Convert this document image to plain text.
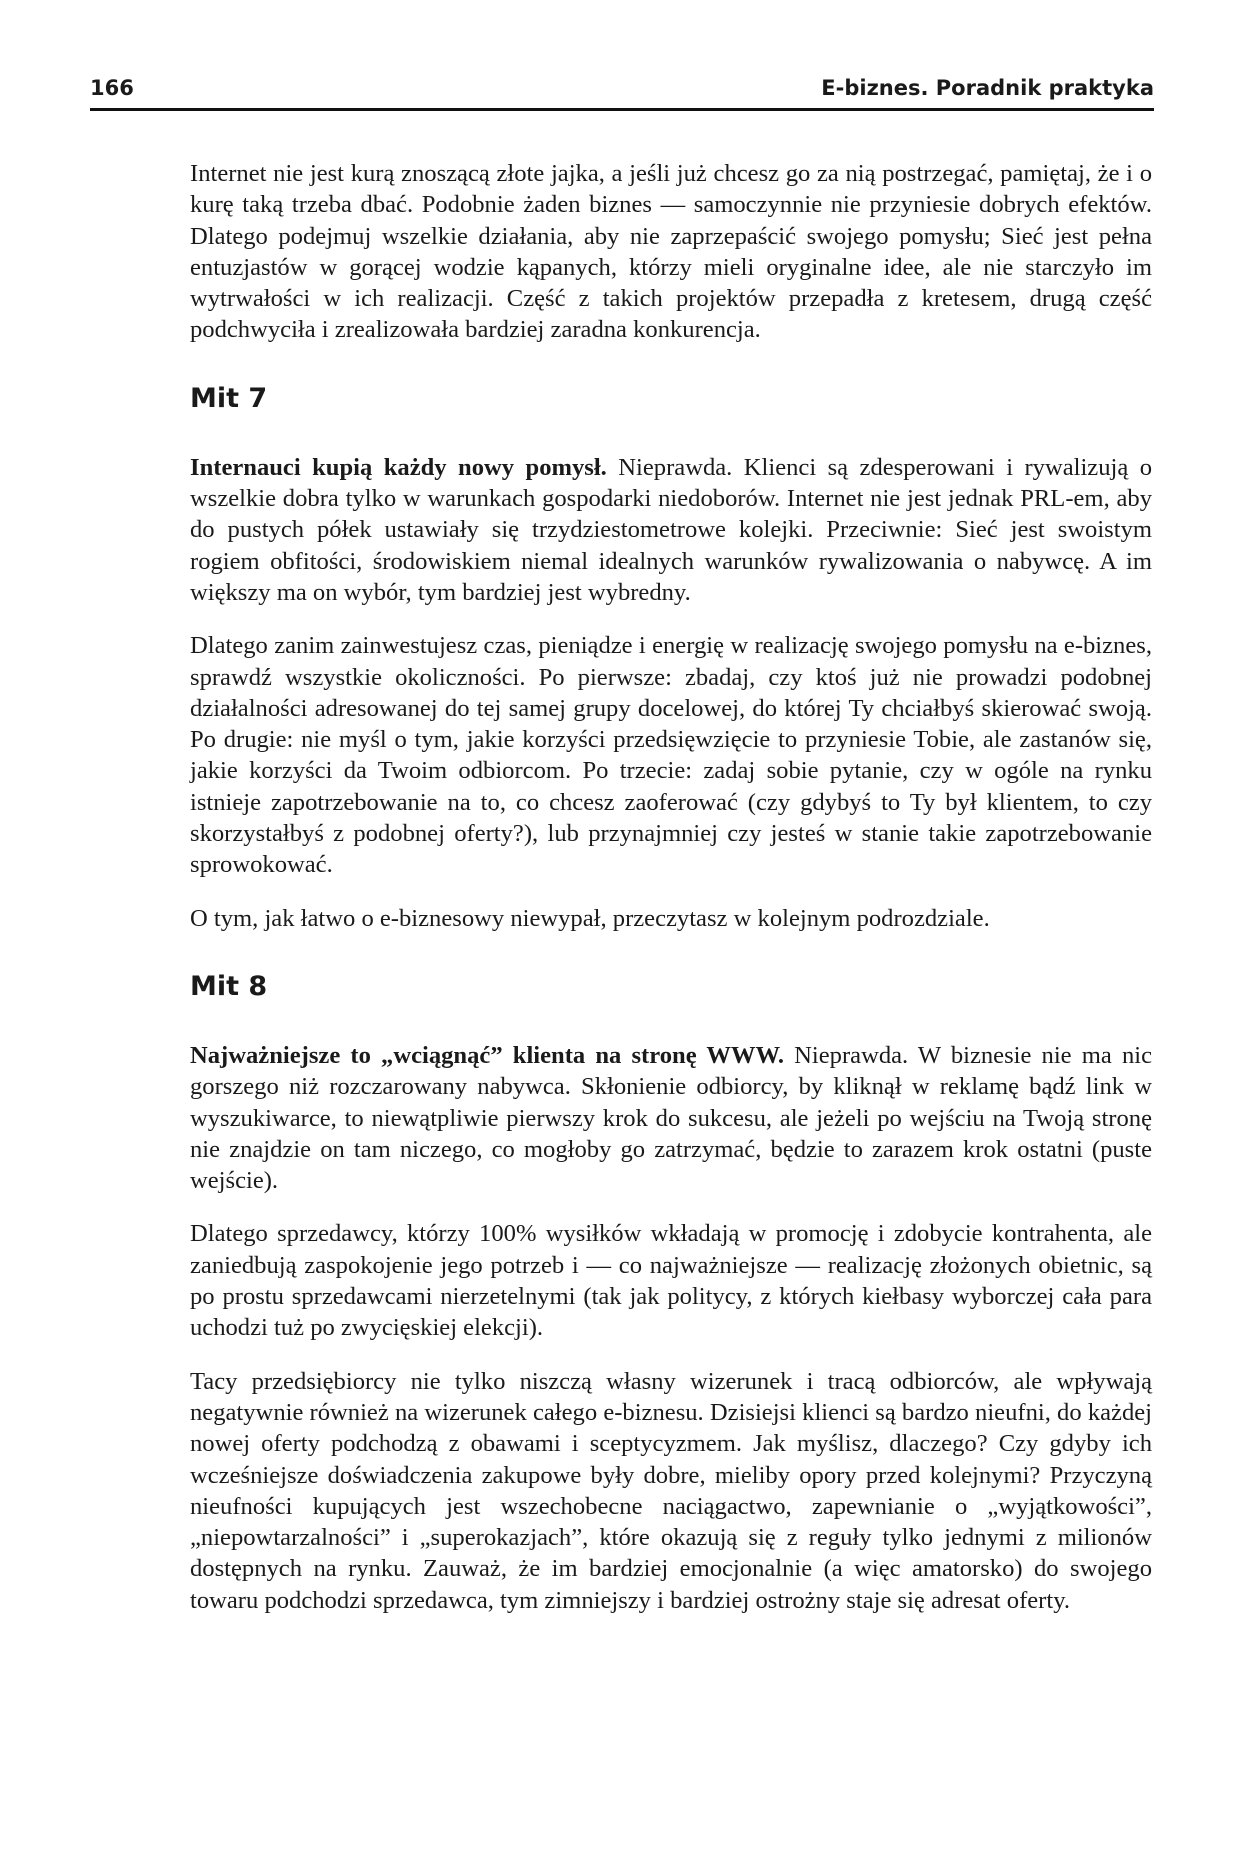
166	E-biznes. Poradnik praktyka

Internet nie jest kurą znoszącą złote jajka, a jeśli już chcesz go za nią postrzegać, pamiętaj, że i o kurę taką trzeba dbać. Podobnie żaden biznes — samoczynnie nie przyniesie dobrych efektów. Dlatego podejmuj wszelkie działania, aby nie zaprzepaścić swojego pomysłu; Sieć jest pełna entuzjastów w gorącej wodzie kąpanych, którzy mieli oryginalne idee, ale nie starczyło im wytrwałości w ich realizacji. Część z takich projektów przepadła z kretesem, drugą część podchwyciła i zrealizowała bardziej zaradna konkurencja.

Mit 7

Internauci kupią każdy nowy pomysł. Nieprawda. Klienci są zdesperowani i rywalizują o wszelkie dobra tylko w warunkach gospodarki niedoborów. Internet nie jest jednak PRL-em, aby do pustych półek ustawiały się trzydziestometrowe kolejki. Przeciwnie: Sieć jest swoistym rogiem obfitości, środowiskiem niemal idealnych warunków rywalizowania o nabywcę. A im większy ma on wybór, tym bardziej jest wybredny.

Dlatego zanim zainwestujesz czas, pieniądze i energię w realizację swojego pomysłu na e-biznes, sprawdź wszystkie okoliczności. Po pierwsze: zbadaj, czy ktoś już nie prowadzi podobnej działalności adresowanej do tej samej grupy docelowej, do której Ty chciałbyś skierować swoją. Po drugie: nie myśl o tym, jakie korzyści przedsięwzięcie to przyniesie Tobie, ale zastanów się, jakie korzyści da Twoim odbiorcom. Po trzecie: zadaj sobie pytanie, czy w ogóle na rynku istnieje zapotrzebowanie na to, co chcesz zaoferować (czy gdybyś to Ty był klientem, to czy skorzystałbyś z podobnej oferty?), lub przynajmniej czy jesteś w stanie takie zapotrzebowanie sprowokować.

O tym, jak łatwo o e-biznesowy niewypał, przeczytasz w kolejnym podrozdziale.

Mit 8

Najważniejsze to „wciągnąć” klienta na stronę WWW. Nieprawda. W biznesie nie ma nic gorszego niż rozczarowany nabywca. Skłonienie odbiorcy, by kliknął w reklamę bądź link w wyszukiwarce, to niewątpliwie pierwszy krok do sukcesu, ale jeżeli po wejściu na Twoją stronę nie znajdzie on tam niczego, co mogłoby go zatrzymać, będzie to zarazem krok ostatni (puste wejście).

Dlatego sprzedawcy, którzy 100% wysiłków wkładają w promocję i zdobycie kontrahenta, ale zaniedbują zaspokojenie jego potrzeb i — co najważniejsze — realizację złożonych obietnic, są po prostu sprzedawcami nierzetelnymi (tak jak politycy, z których kiełbasy wyborczej cała para uchodzi tuż po zwycięskiej elekcji).

Tacy przedsiębiorcy nie tylko niszczą własny wizerunek i tracą odbiorców, ale wpływają negatywnie również na wizerunek całego e-biznesu. Dzisiejsi klienci są bardzo nieufni, do każdej nowej oferty podchodzą z obawami i sceptycyzmem. Jak myślisz, dlaczego? Czy gdyby ich wcześniejsze doświadczenia zakupowe były dobre, mieliby opory przed kolejnymi? Przyczyną nieufności kupujących jest wszechobecne naciągactwo, zapewnianie o „wyjątkowości”, „niepowtarzalności” i „superokazjach”, które okazują się z reguły tylko jednymi z milionów dostępnych na rynku. Zauważ, że im bardziej emocjonalnie (a więc amatorsko) do swojego towaru podchodzi sprzedawca, tym zimniejszy i bardziej ostrożny staje się adresat oferty.
